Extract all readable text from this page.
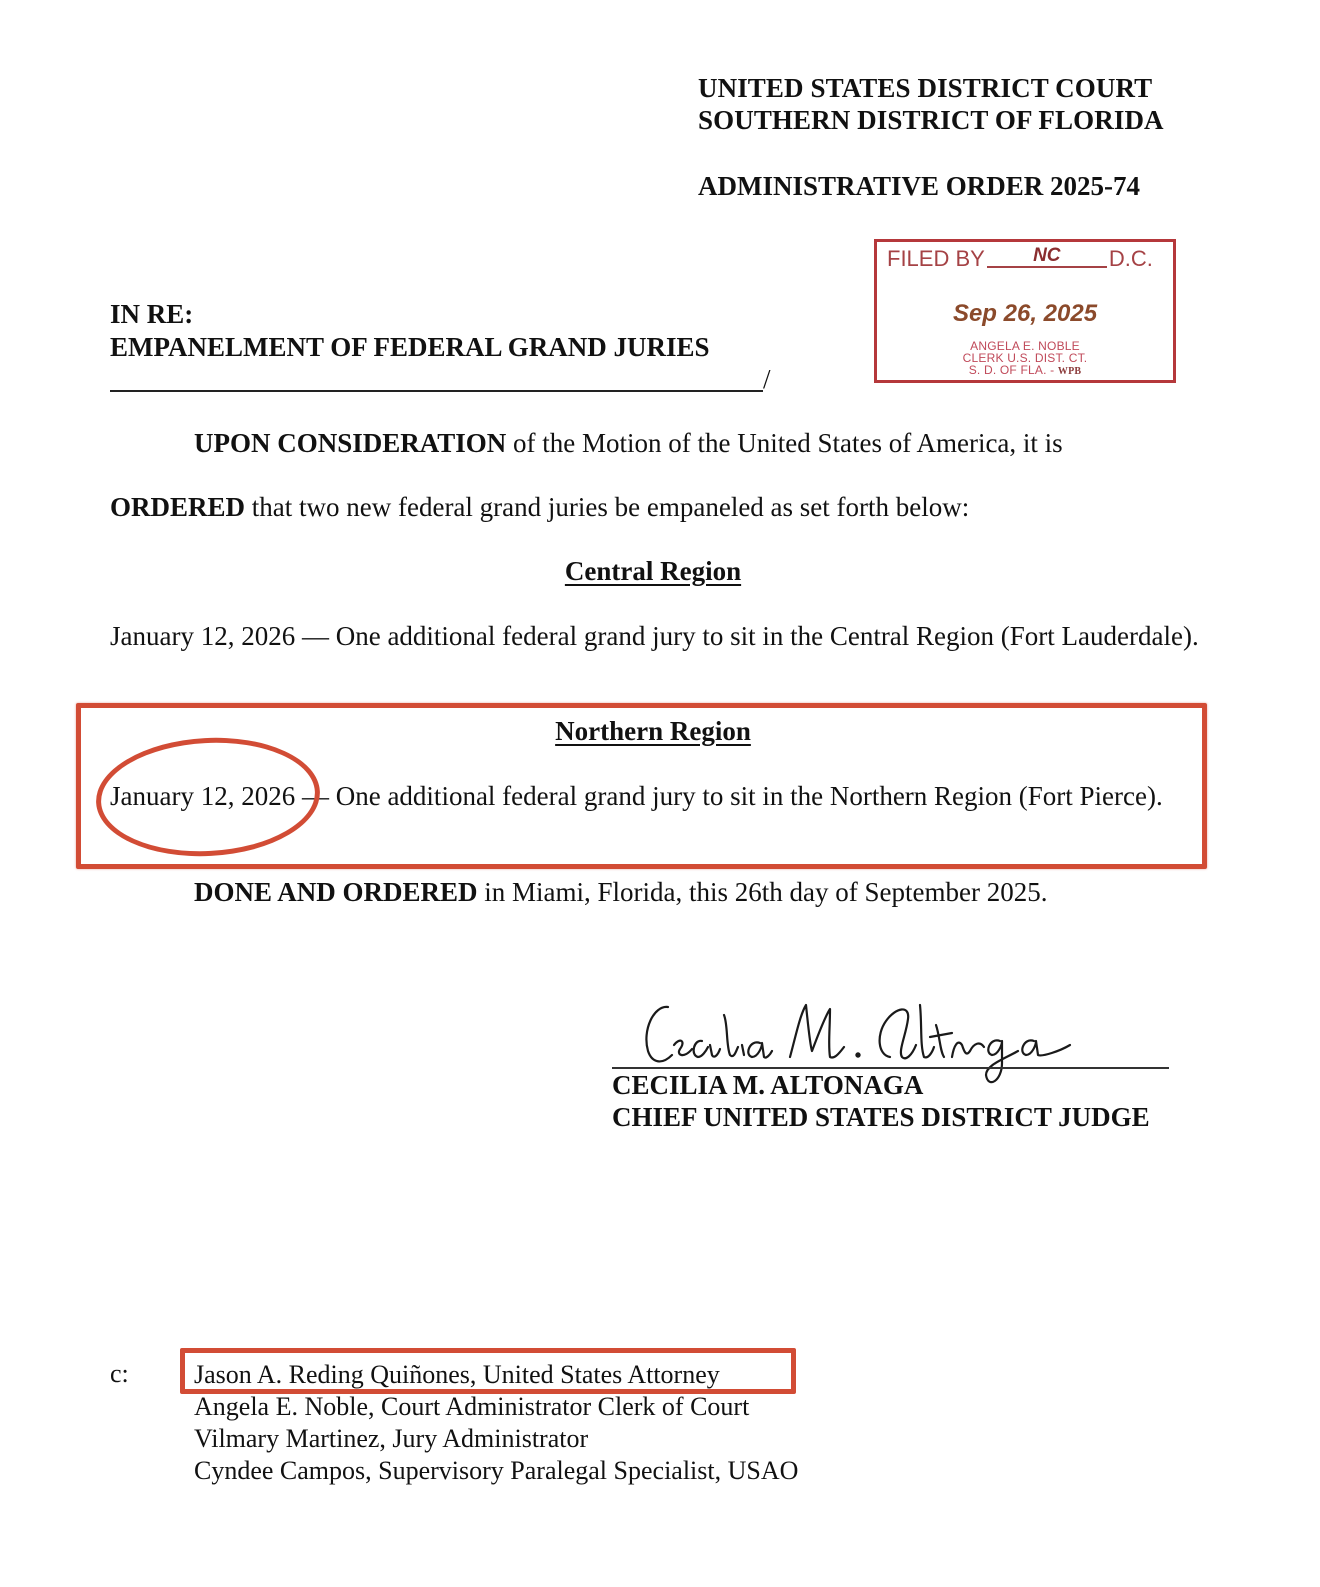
UNITED STATES DISTRICT COURT
SOUTHERN DISTRICT OF FLORIDA
ADMINISTRATIVE ORDER 2025-74
FILED BY	NC	D.C.
Sep 26, 2025
ANGELA E. NOBLE
CLERK U.S. DIST. CT.
S. D. OF FLA. - WPB
IN RE:
EMPANELMENT OF FEDERAL GRAND JURIES
/
UPON CONSIDERATION of the Motion of the United States of America, it is
ORDERED that two new federal grand juries be empaneled as set forth below:
Central Region
January 12, 2026 — One additional federal grand jury to sit in the Central Region (Fort Lauderdale).
Northern Region
January 12, 2026 — One additional federal grand jury to sit in the Northern Region (Fort Pierce).
DONE AND ORDERED in Miami, Florida, this 26th day of September 2025.
CECILIA M. ALTONAGA
CHIEF UNITED STATES DISTRICT JUDGE
c:	Jason A. Reding Quiñones, United States Attorney
Angela E. Noble, Court Administrator Clerk of Court
Vilmary Martinez, Jury Administrator
Cyndee Campos, Supervisory Paralegal Specialist, USAO
